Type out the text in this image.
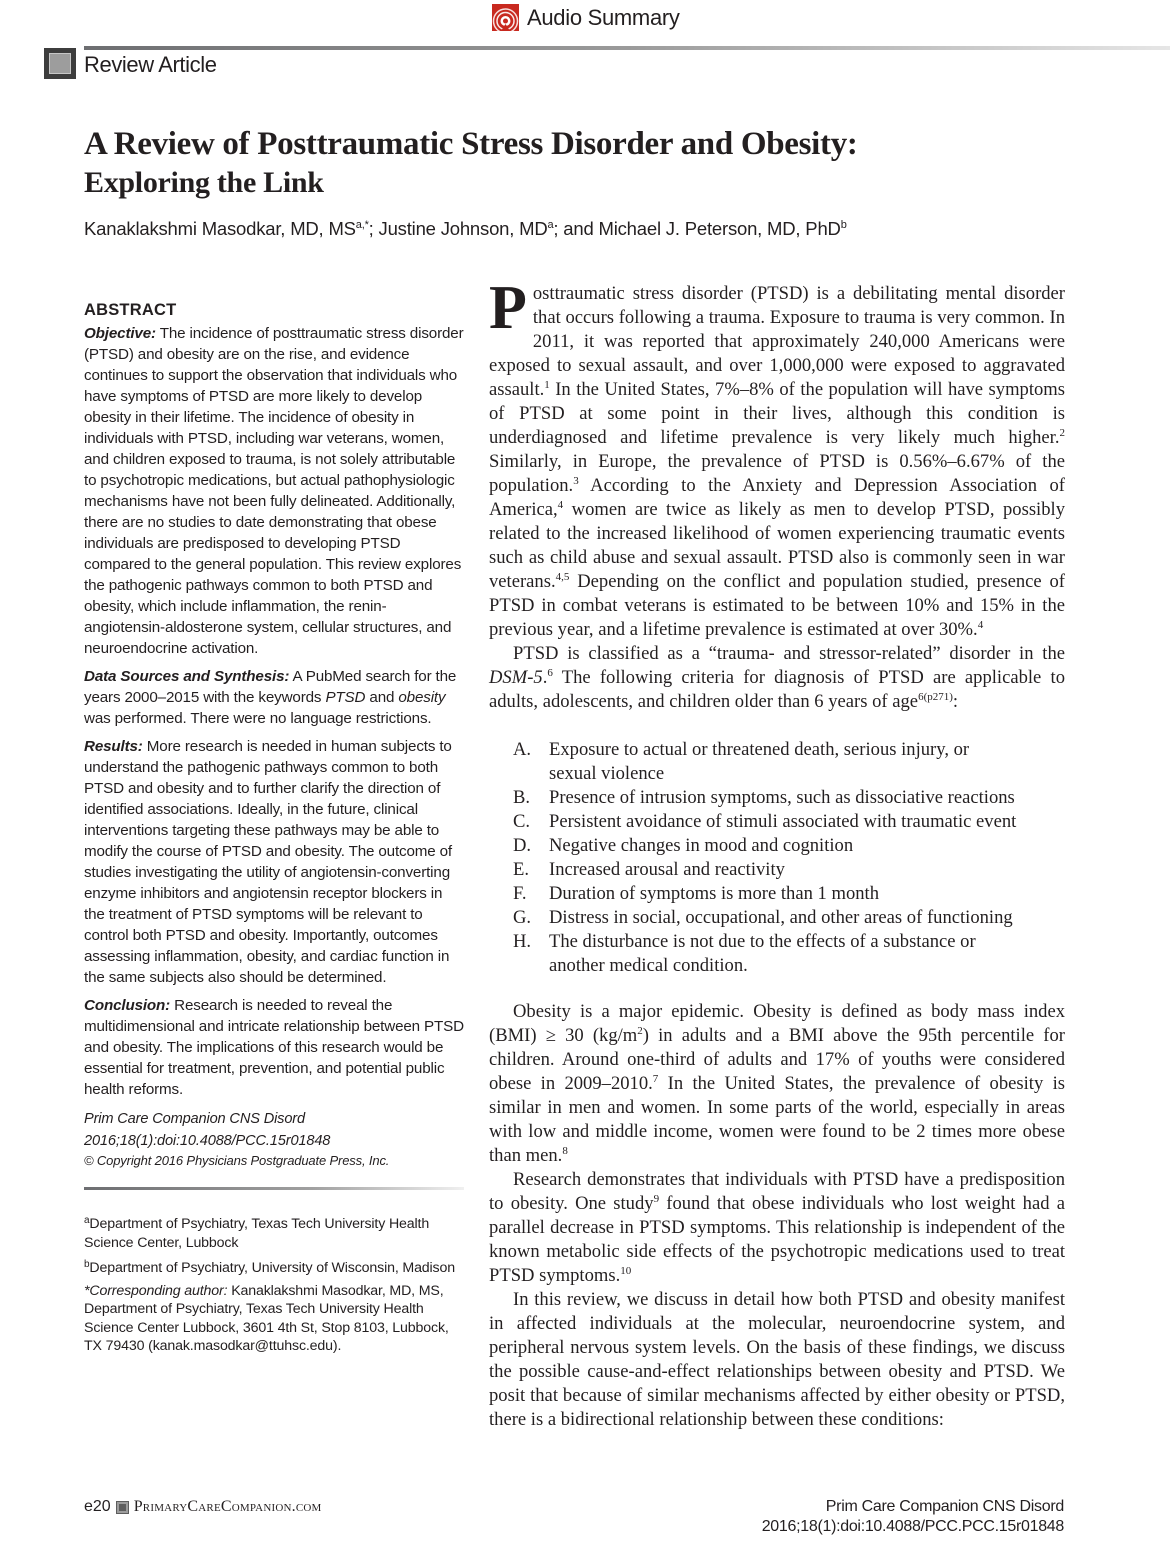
Audio Summary
Review Article
A Review of Posttraumatic Stress Disorder and Obesity:
Exploring the Link
Kanaklakshmi Masodkar, MD, $MS^{a,*}$; Justine Johnson, $MD^a$; and Michael J. Peterson, MD, PhD$^b$
ABSTRACT

Objective: The incidence of posttraumatic stress disorder (PTSD) and obesity are on the rise, and evidence continues to support the observation that individuals who have symptoms of PTSD are more likely to develop obesity in their lifetime. The incidence of obesity in individuals with PTSD, including war veterans, women, and children exposed to trauma, is not solely attributable to psychotropic medications, but actual pathophysiologic mechanisms have not been fully delineated. Additionally, there are no studies to date demonstrating that obese individuals are predisposed to developing PTSD compared to the general population. This review explores the pathogenic pathways common to both PTSD and obesity, which include inflammation, the renin-angiotensin-aldosterone system, cellular structures, and neuroendocrine activation.

Data Sources and Synthesis: A PubMed search for the years 2000–2015 with the keywords PTSD and obesity was performed. There were no language restrictions.

Results: More research is needed in human subjects to understand the pathogenic pathways common to both PTSD and obesity and to further clarify the direction of identified associations. Ideally, in the future, clinical interventions targeting these pathways may be able to modify the course of PTSD and obesity. The outcome of studies investigating the utility of angiotensin-converting enzyme inhibitors and angiotensin receptor blockers in the treatment of PTSD symptoms will be relevant to control both PTSD and obesity. Importantly, outcomes assessing inflammation, obesity, and cardiac function in the same subjects also should be determined.

Conclusion: Research is needed to reveal the multidimensional and intricate relationship between PTSD and obesity. The implications of this research would be essential for treatment, prevention, and potential public health reforms.

Prim Care Companion CNS Disord
2016;18(1):doi:10.4088/PCC.15r01848
© Copyright 2016 Physicians Postgraduate Press, Inc.
$^a$Department of Psychiatry, Texas Tech University Health Science Center, Lubbock
$^b$Department of Psychiatry, University of Wisconsin, Madison
*Corresponding author: Kanaklakshmi Masodkar, MD, MS, Department of Psychiatry, Texas Tech University Health Science Center Lubbock, 3601 4th St, Stop 8103, Lubbock, TX 79430 (kanak.masodkar@ttuhsc.edu).

Posttraumatic stress disorder (PTSD) is a debilitating mental disorder that occurs following a trauma. Exposure to trauma is very common. In 2011, it was reported that approximately 240,000 Americans were exposed to sexual assault, and over 1,000,000 were exposed to aggravated assault.$^1$ In the United States, 7%–8% of the population will have symptoms of PTSD at some point in their lives, although this condition is underdiagnosed and lifetime prevalence is very likely much higher.$^2$ Similarly, in Europe, the prevalence of PTSD is 0.56%–6.67% of the population.$^3$ According to the Anxiety and Depression Association of America,$^4$ women are twice as likely as men to develop PTSD, possibly related to the increased likelihood of women experiencing traumatic events such as child abuse and sexual assault. PTSD also is commonly seen in war veterans.$^{4,5}$ Depending on the conflict and population studied, presence of PTSD in combat veterans is estimated to be between 10% and 15% in the previous year, and a lifetime prevalence is estimated at over 30%.$^4$

PTSD is classified as a “trauma- and stressor-related” disorder in the DSM-5.$^6$ The following criteria for diagnosis of PTSD are applicable to adults, adolescents, and children older than 6 years of age$^{6(p271)}$:

A. Exposure to actual or threatened death, serious injury, or sexual violence
B.	Presence of intrusion symptoms, such as dissociative reactions
C.	Persistent avoidance of stimuli associated with traumatic event
D. Negative changes in mood and cognition
E.	Increased arousal and reactivity
F.	Duration of symptoms is more than 1 month
G. Distress in social, occupational, and other areas of functioning
H. The disturbance is not due to the effects of a substance or another medical condition.

Obesity is a major epidemic. Obesity is defined as body mass index (BMI) ≥ 30 $(kg/m^2)$ in adults and a BMI above the 95th percentile for children. Around one-third of adults and 17% of youths were considered obese in 2009–2010.$^7$ In the United States, the prevalence of obesity is similar in men and women. In some parts of the world, especially in areas with low and middle income, women were found to be 2 times more obese than men.$^8$

Research demonstrates that individuals with PTSD have a predisposition to obesity. One study$^9$ found that obese individuals who lost weight had a parallel decrease in PTSD symptoms. This relationship is independent of the known metabolic side effects of the psychotropic medications used to treat PTSD symptoms.$^{10}$

In this review, we discuss in detail how both PTSD and obesity manifest in affected individuals at the molecular, neuroendocrine system, and peripheral nervous system levels. On the basis of these findings, we discuss the possible cause-and-effect relationships between obesity and PTSD. We posit that because of similar mechanisms affected by either obesity or PTSD, there is a bidirectional relationship between these conditions:

e20 PrimaryCareCompanion.com	Prim Care Companion CNS Disord
2016;18(1):doi:10.4088/PCC.PCC.15r01848
